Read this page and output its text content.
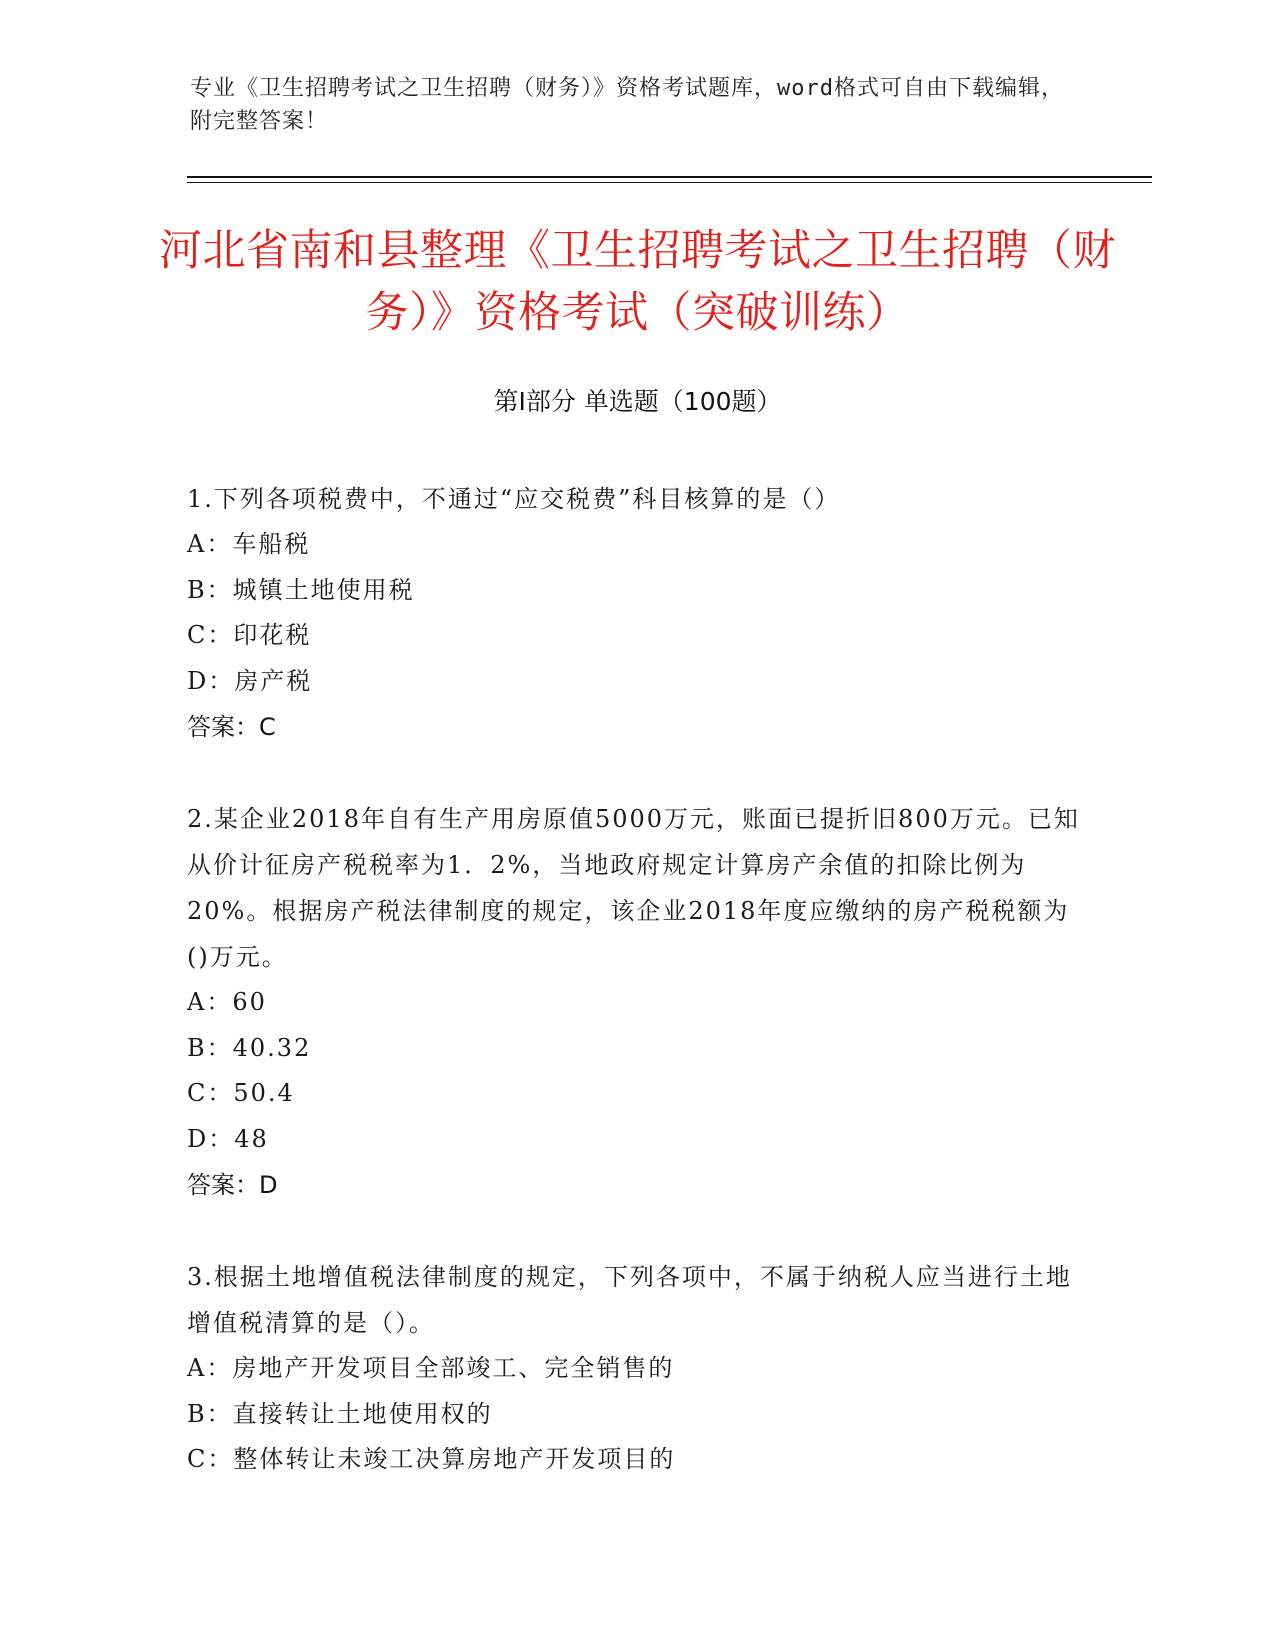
专业《卫生招聘考试之卫生招聘（财务）》资格考试题库，word格式可自由下载编辑，附完整答案！
河北省南和县整理《卫生招聘考试之卫生招聘（财务）》资格考试（突破训练）
第Ⅰ部分 单选题（100题）

1.下列各项税费中，不通过“应交税费”科目核算的是（）

A：车船税

B：城镇土地使用税

C：印花税

D：房产税

答案：C

2.某企业2018年自有生产用房原值5000万元，账面已提折旧800万元。已知从价计征房产税税率为1．2%，当地政府规定计算房产余值的扣除比例为20%。根据房产税法律制度的规定，该企业2018年度应缴纳的房产税税额为()万元。

A：60

B：40.32

C：50.4

D：48

答案：D

3.根据土地增值税法律制度的规定，下列各项中，不属于纳税人应当进行土地增值税清算的是（）。

A：房地产开发项目全部竣工、完全销售的

B：直接转让土地使用权的

C：整体转让未竣工决算房地产开发项目的
